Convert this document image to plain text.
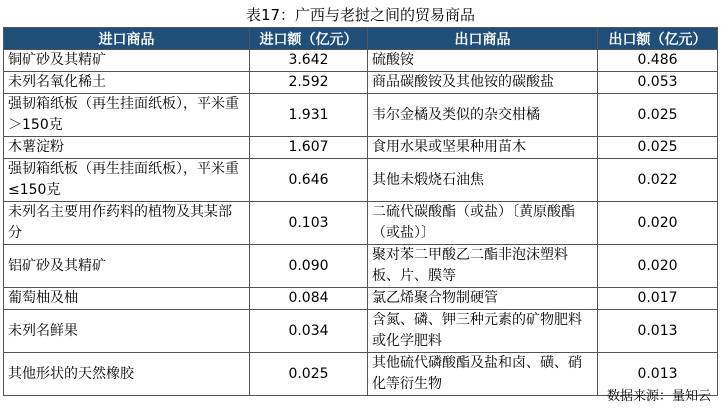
表17：广西与老挝之间的贸易商品
进口商品	进口额（亿元）	出口商品	出口额（亿元）
铜矿砂及其精矿	3.642	硫酸铵	0.486
未列名氧化稀土	2.592	商品碳酸铵及其他铵的碳酸盐	0.053
强韧箱纸板（再生挂面纸板），平米重＞150克	1.931	韦尔金橘及类似的杂交柑橘	0.025
木薯淀粉	1.607	食用水果或坚果种用苗木	0.025
强韧箱纸板（再生挂面纸板），平米重≤150克	0.646	其他未煅烧石油焦	0.022
未列名主要用作药料的植物及其某部分	0.103	二硫代碳酸酯（或盐）〔黄原酸酯（或盐）〕	0.020
铝矿砂及其精矿	0.090	聚对苯二甲酸乙二酯非泡沫塑料板、片、膜等	0.020
葡萄柚及柚	0.084	氯乙烯聚合物制硬管	0.017
未列名鲜果	0.034	含氮、磷、钾三种元素的矿物肥料或化学肥料	0.013
其他形状的天然橡胶	0.025	其他硫代磷酸酯及盐和卤、磺、硝化等衍生物	0.013
数据来源：量知云
